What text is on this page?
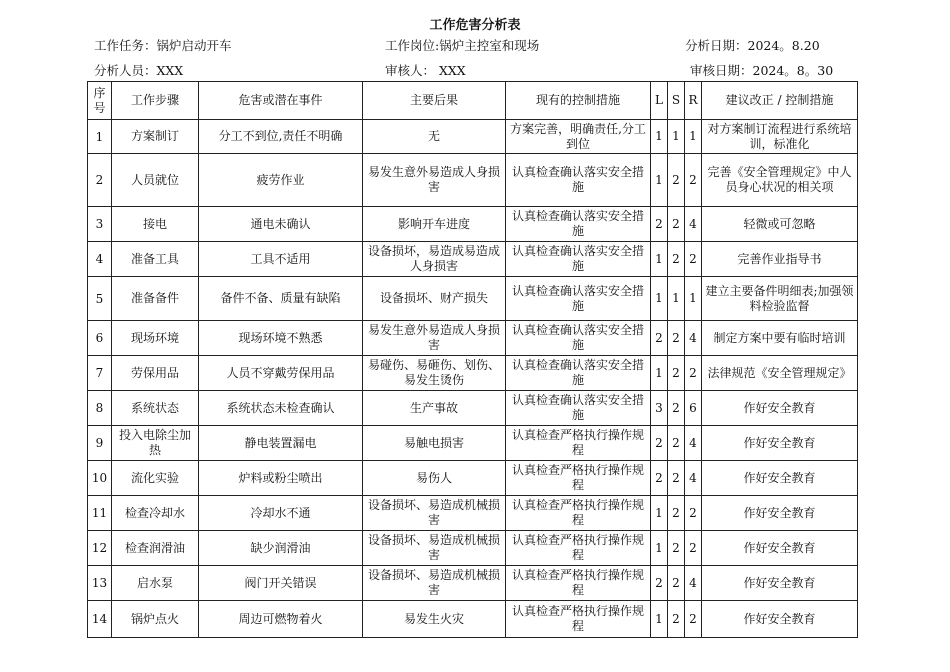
工作危害分析表
工作任务：锅炉启动开车	工作岗位:锅炉主控室和现场	分析日期：2024。8.20
分析人员：XXX	审核人： XXX	审核日期：2024。8。30
序号	工作步骤	危害或潜在事件	主要后果	现有的控制措施	L	S	R	建议改正 / 控制措施
1	方案制订	分工不到位,责任不明确	无	方案完善，明确责任,分工到位	1	1	1	对方案制订流程进行系统培训，标准化
2	人员就位	疲劳作业	易发生意外易造成人身损害	认真检查确认落实安全措施	1	2	2	完善《安全管理规定》中人员身心状况的相关项
3	接电	通电未确认	影响开车进度	认真检查确认落实安全措施	2	2	4	轻微或可忽略
4	准备工具	工具不适用	设备损坏，易造成易造成人身损害	认真检查确认落实安全措施	1	2	2	完善作业指导书
5	准备备件	备件不备、质量有缺陷	设备损坏、财产损失	认真检查确认落实安全措施	1	1	1	建立主要备件明细表;加强领料检验监督
6	现场环境	现场环境不熟悉	易发生意外易造成人身损害	认真检查确认落实安全措施	2	2	4	制定方案中要有临时培训
7	劳保用品	人员不穿戴劳保用品	易碰伤、易砸伤、划伤、易发生烫伤	认真检查确认落实安全措施	1	2	2	法律规范《安全管理规定》
8	系统状态	系统状态未检查确认	生产事故	认真检查确认落实安全措施	3	2	6	作好安全教育
9	投入电除尘加热	静电装置漏电	易触电损害	认真检查严格执行操作规程	2	2	4	作好安全教育
10	流化实验	炉料或粉尘喷出	易伤人	认真检查严格执行操作规程	2	2	4	作好安全教育
11	检查冷却水	冷却水不通	设备损坏、易造成机械损害	认真检查严格执行操作规程	1	2	2	作好安全教育
12	检查润滑油	缺少润滑油	设备损坏、易造成机械损害	认真检查严格执行操作规程	1	2	2	作好安全教育
13	启水泵	阀门开关错误	设备损坏、易造成机械损害	认真检查严格执行操作规程	2	2	4	作好安全教育
14	锅炉点火	周边可燃物着火	易发生火灾	认真检查严格执行操作规程	1	2	2	作好安全教育
